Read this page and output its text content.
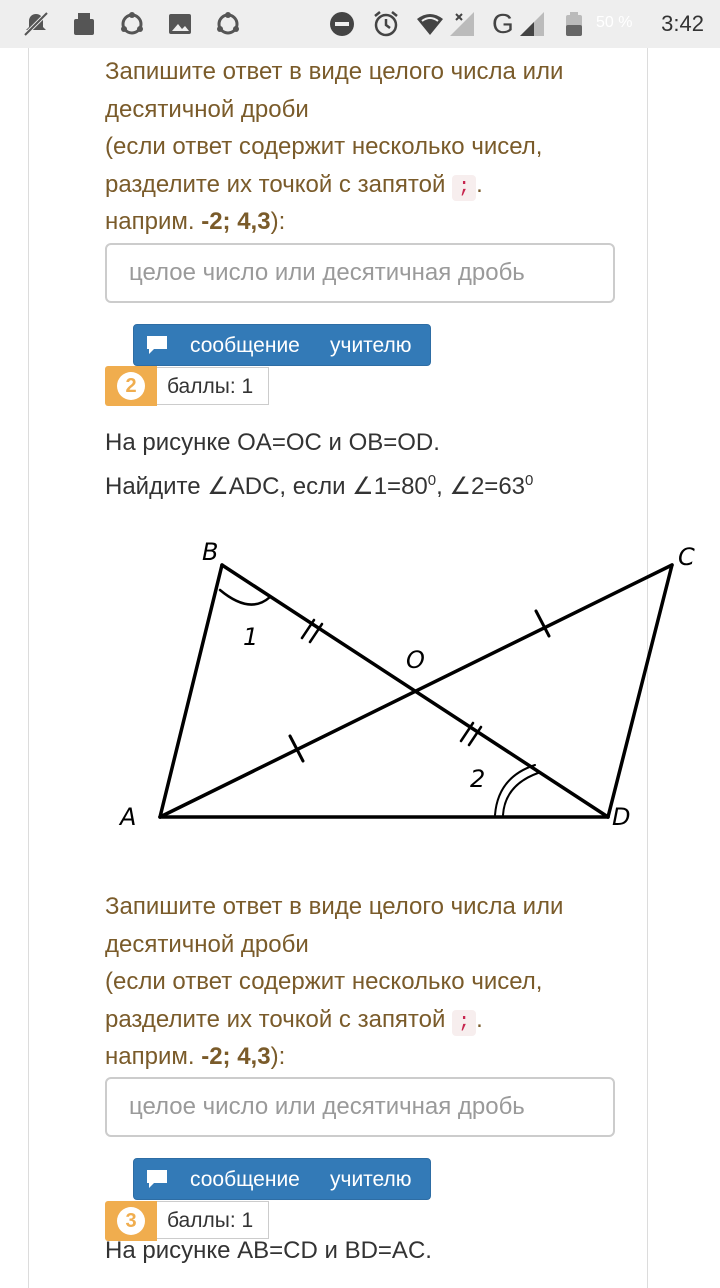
G	50 % 3:42
Запишите ответ в виде целого числа или десятичной дроби
(если ответ содержит несколько чисел, разделите их точкой с запятой ; .
наприм. -2; 4,3):
целое число или десятичная дробь
сообщение учителю
2	баллы: 1
На рисунке OA=OC и OB=OD.
Найдите ∠ADC, если $\angle 1=80^0$, $\angle 2=63^0$
B	C
A	D
O
1
2
Запишите ответ в виде целого числа или десятичной дроби
(если ответ содержит несколько чисел, разделите их точкой с запятой ; .
наприм. -2; 4,3):
целое число или десятичная дробь
сообщение учителю
3	баллы: 1
На рисунке AB=CD и BD=AC.
